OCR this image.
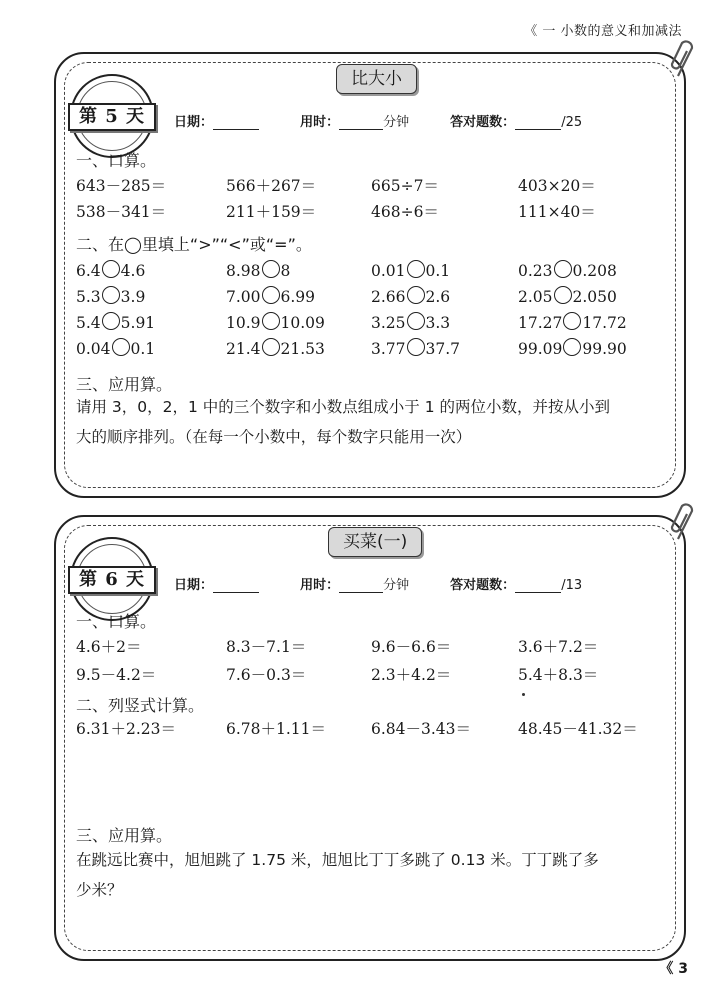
《 一 小数的意义和加减法
第 5 天
比大小
日期：	用时：	分钟	答对题数：	/25
一、口算。
643－285＝	566＋267＝	665÷7＝	403×20＝
538－341＝	211＋159＝	468÷6＝	111×40＝
二、在◯里填上“>”“<”或“=”。
6.4 4.6	8.98 8	0.01 0.1	0.23 0.208
5.3 3.9	7.00 6.99	2.66 2.6	2.05 2.050
5.4 5.91	10.9 10.09	3.25 3.3	17.27 17.72
0.04 0.1	21.4 21.53	3.77 37.7	99.09 99.90
三、应用算。
请用 3，0，2，1 中的三个数字和小数点组成小于 1 的两位小数，并按从小到
大的顺序排列。（在每一个小数中，每个数字只能用一次）
第 6 天
买菜(一)
日期：	用时：	分钟	答对题数：	/13
一、口算。
4.6＋2＝	8.3－7.1＝	9.6－6.6＝	3.6＋7.2＝
9.5－4.2＝	7.6－0.3＝	2.3＋4.2＝	5.4＋8.3＝
二、列竖式计算。
6.31＋2.23＝	6.78＋1.11＝	6.84－3.43＝	48.45－41.32＝
三、应用算。
在跳远比赛中，旭旭跳了 1.75 米，旭旭比丁丁多跳了 0.13 米。丁丁跳了多
少米？
《 3
